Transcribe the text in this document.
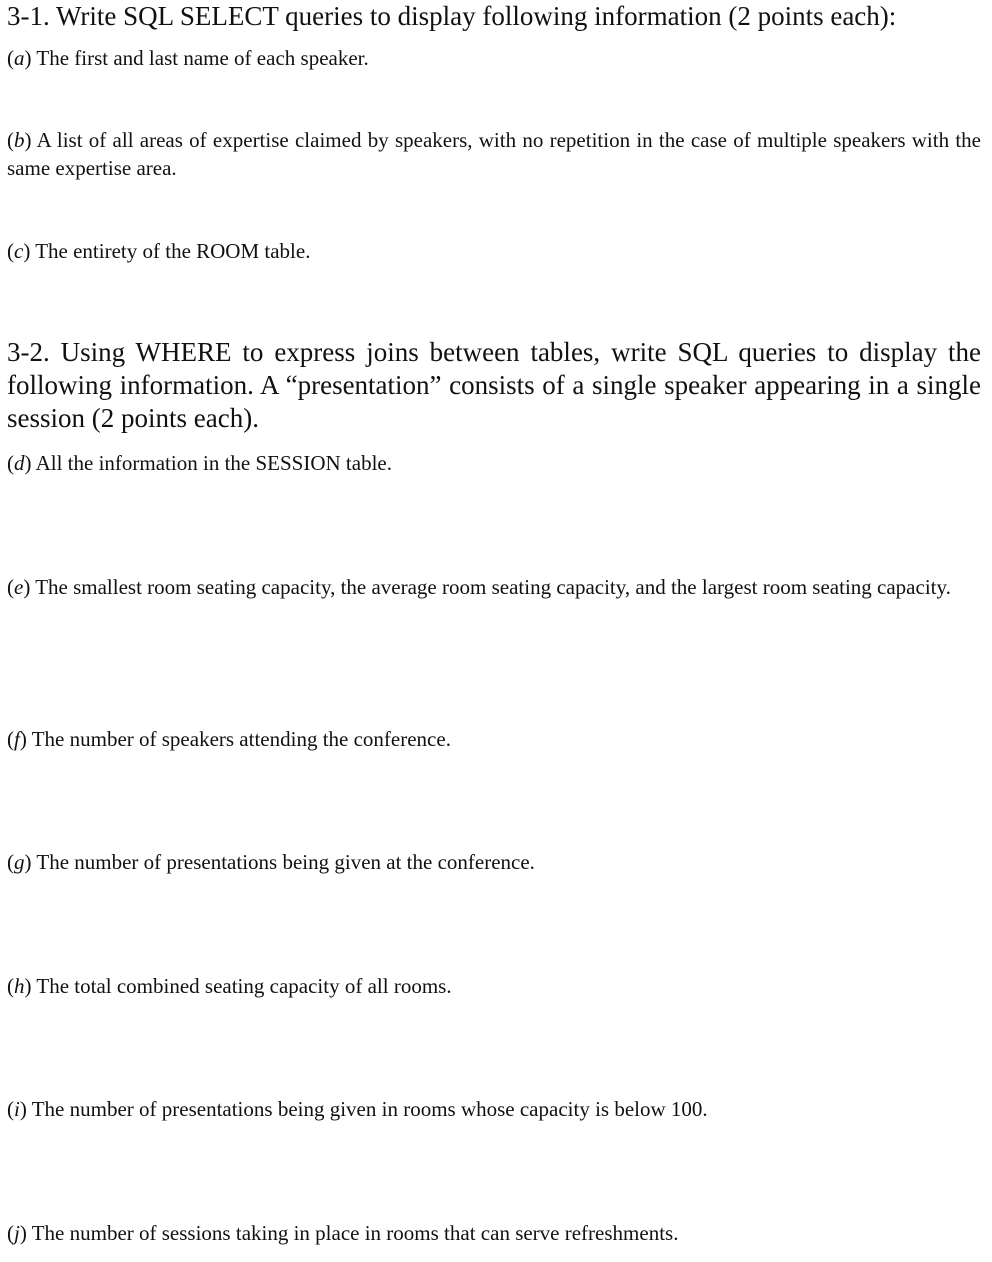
3-1. Write SQL SELECT queries to display following information (2 points each):

(a) The first and last name of each speaker.

(b) A list of all areas of expertise claimed by speakers, with no repetition in the case of multiple speakers with the same expertise area.

(c) The entirety of the ROOM table.

3-2. Using WHERE to express joins between tables, write SQL queries to display the following information. A “presentation” consists of a single speaker appearing in a single session (2 points each).

(d) All the information in the SESSION table.

(e) The smallest room seating capacity, the average room seating capacity, and the largest room seating capacity.

(f) The number of speakers attending the conference.

(g) The number of presentations being given at the conference.

(h) The total combined seating capacity of all rooms.

(i) The number of presentations being given in rooms whose capacity is below 100.

(j) The number of sessions taking in place in rooms that can serve refreshments.
